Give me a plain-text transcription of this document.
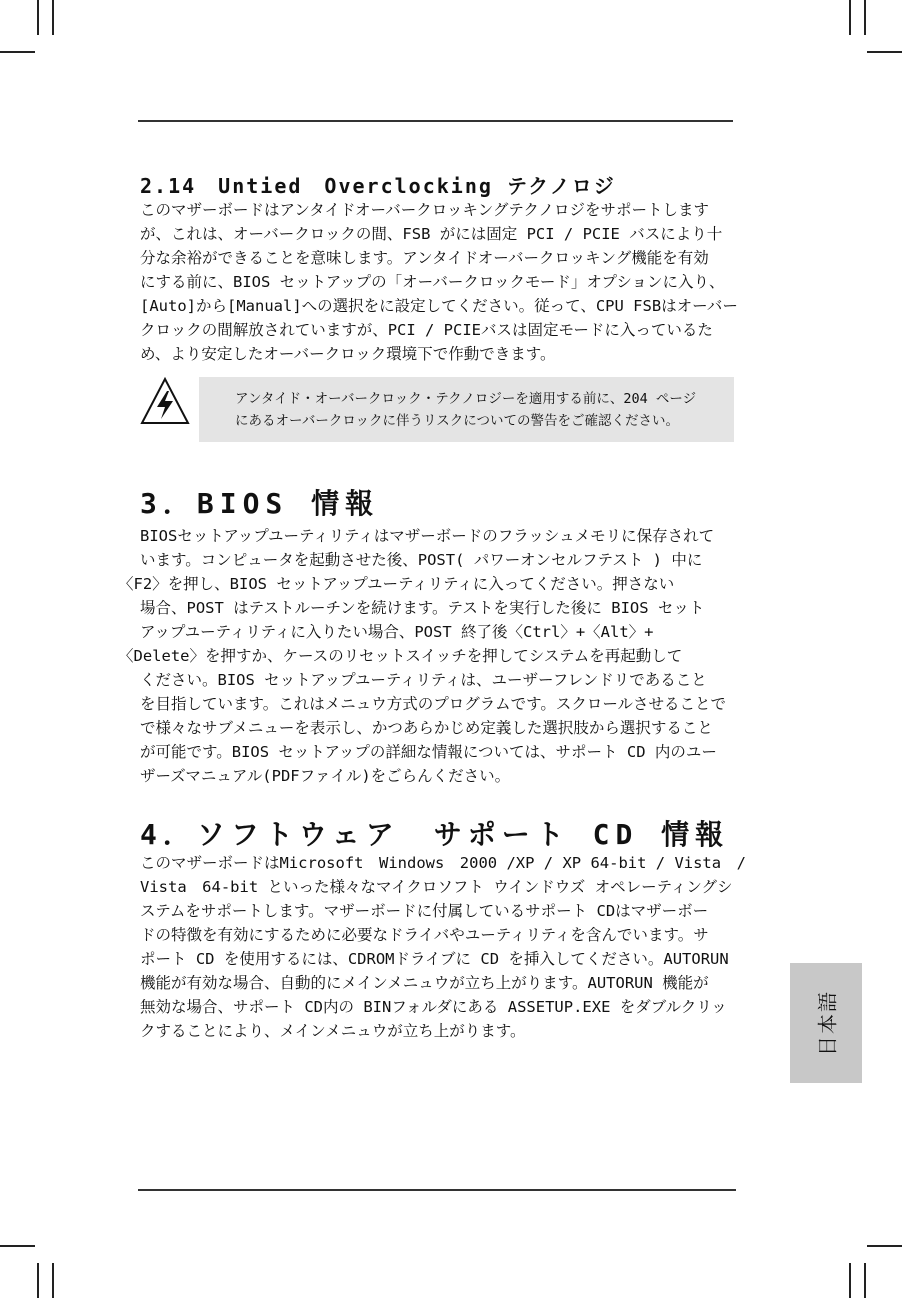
2.14　Untied　Overclocking テクノロジ
このマザーボードはアンタイドオーバークロッキングテクノロジをサポートします
が、これは、オーバークロックの間、FSB がには固定 PCI / PCIE バスにより十
分な余裕ができることを意味します。アンタイドオーバークロッキング機能を有効
にする前に、BIOS セットアップの「オーバークロックモード」オプションに入り、
[Auto]から[Manual]への選択をに設定してください。従って、CPU FSBはオーバー
クロックの間解放されていますが、PCI / PCIEバスは固定モードに入っているた
め、より安定したオーバークロック環境下で作動できます。
アンタイド・オーバークロック・テクノロジーを適用する前に、204 ページ
にあるオーバークロックに伴うリスクについての警告をご確認ください。
3．BIOS 情報
BIOSセットアップユーティリティはマザーボードのフラッシュメモリに保存されて
います。コンピュータを起動させた後、POST( パワーオンセルフテスト ) 中に
〈F2〉を押し、BIOS セットアップユーティリティに入ってください。押さない
場合、POST はテストルーチンを続けます。テストを実行した後に BIOS セット
アップユーティリティに入りたい場合、POST 終了後〈Ctrl〉+〈Alt〉+
〈Delete〉を押すか、ケースのリセットスイッチを押してシステムを再起動して
ください。BIOS セットアップユーティリティは、ユーザーフレンドリであること
を目指しています。これはメニュウ方式のプログラムです。スクロールさせることで
で様々なサブメニューを表示し、かつあらかじめ定義した選択肢から選択すること
が可能です。BIOS セットアップの詳細な情報については、サポート CD 内のユー
ザーズマニュアル(PDFファイル)をごらんください。
4．ソフトウェア　サポート CD 情報
このマザーボードはMicrosoft　Windows　2000 /XP / XP 64-bit / Vista　/
Vista　64-bit といった様々なマイクロソフト ウインドウズ オペレーティングシ
ステムをサポートします。マザーボードに付属しているサポート CDはマザーボー
ドの特徴を有効にするために必要なドライバやユーティリティを含んでいます。サ
ポート CD を使用するには、CDROMドライブに CD を挿入してください。AUTORUN
機能が有効な場合、自動的にメインメニュウが立ち上がります。AUTORUN 機能が
無効な場合、サポート CD内の BINフォルダにある ASSETUP.EXE をダブルクリッ
クすることにより、メインメニュウが立ち上がります。	日本語
